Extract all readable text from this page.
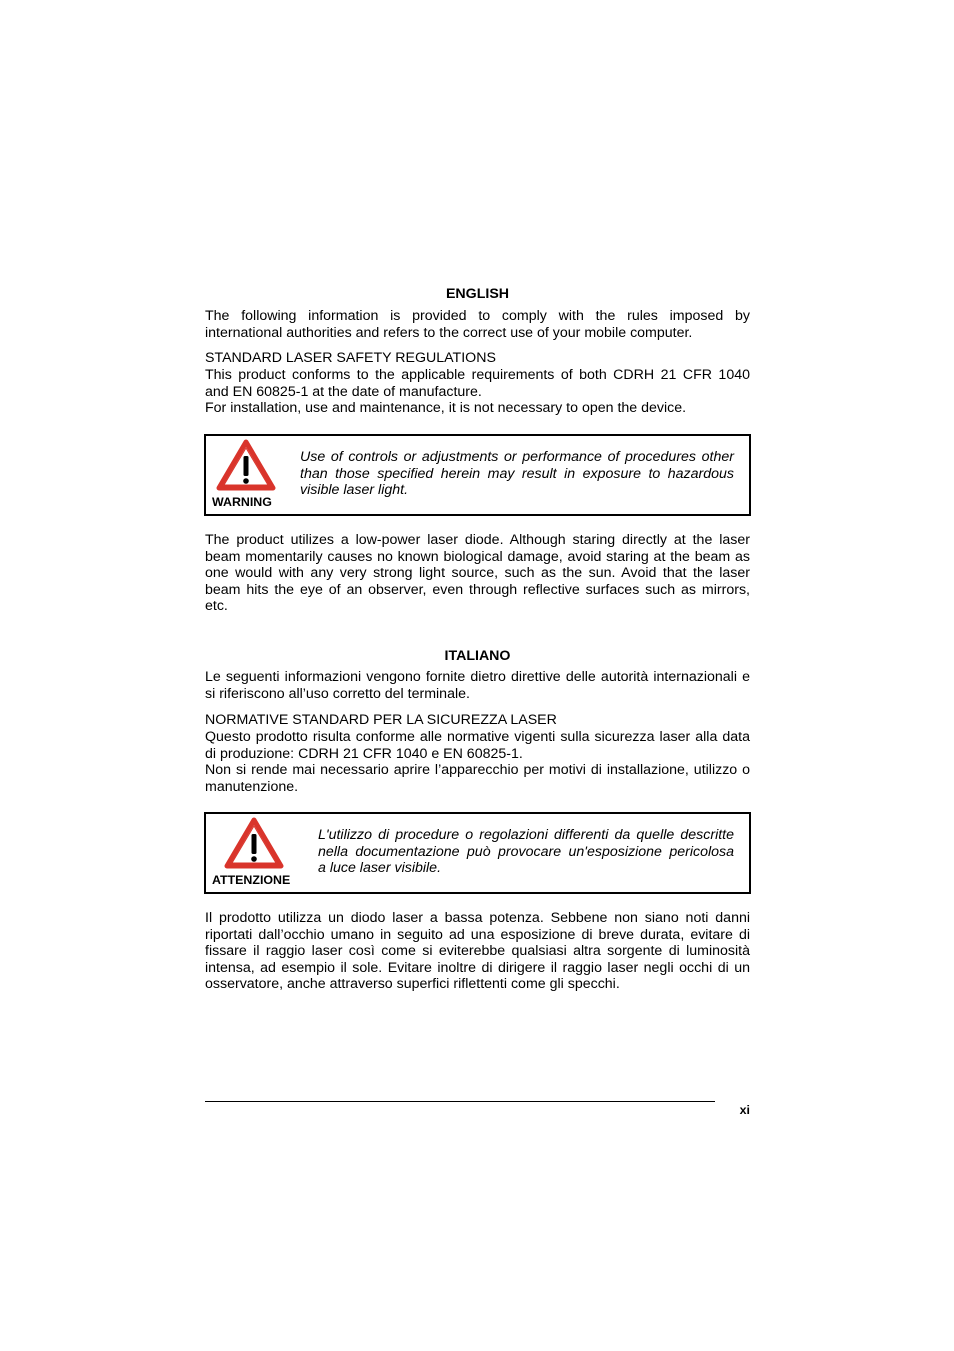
ENGLISH
The following information is provided to comply with the rules imposed by
international authorities and refers to the correct use of your mobile computer.
STANDARD LASER SAFETY REGULATIONS
This product conforms to the applicable requirements of both CDRH 21 CFR 1040
and EN 60825-1 at the date of manufacture.
For installation, use and maintenance, it is not necessary to open the device.
WARNING
Use of controls or adjustments or performance of procedures other
than those specified herein may result in exposure to hazardous
visible laser light.
The product utilizes a low-power laser diode. Although staring directly at the laser
beam momentarily causes no known biological damage, avoid staring at the beam as
one would with any very strong light source, such as the sun. Avoid that the laser
beam hits the eye of an observer, even through reflective surfaces such as mirrors,
etc.
ITALIANO
Le seguenti informazioni vengono fornite dietro direttive delle autorità internazionali e
si riferiscono all’uso corretto del terminale.
NORMATIVE STANDARD PER LA SICUREZZA LASER
Questo prodotto risulta conforme alle normative vigenti sulla sicurezza laser alla data
di produzione: CDRH 21 CFR 1040 e EN 60825-1.
Non si rende mai necessario aprire l’apparecchio per motivi di installazione, utilizzo o
manutenzione.
ATTENZIONE
L'utilizzo di procedure o regolazioni differenti da quelle descritte
nella documentazione può provocare un'esposizione pericolosa
a luce laser visibile.
Il prodotto utilizza un diodo laser a bassa potenza. Sebbene non siano noti danni
riportati dall’occhio umano in seguito ad una esposizione di breve durata, evitare di
fissare il raggio laser così come si eviterebbe qualsiasi altra sorgente di luminosità
intensa, ad esempio il sole. Evitare inoltre di dirigere il raggio laser negli occhi di un
osservatore, anche attraverso superfici riflettenti come gli specchi.
xi
